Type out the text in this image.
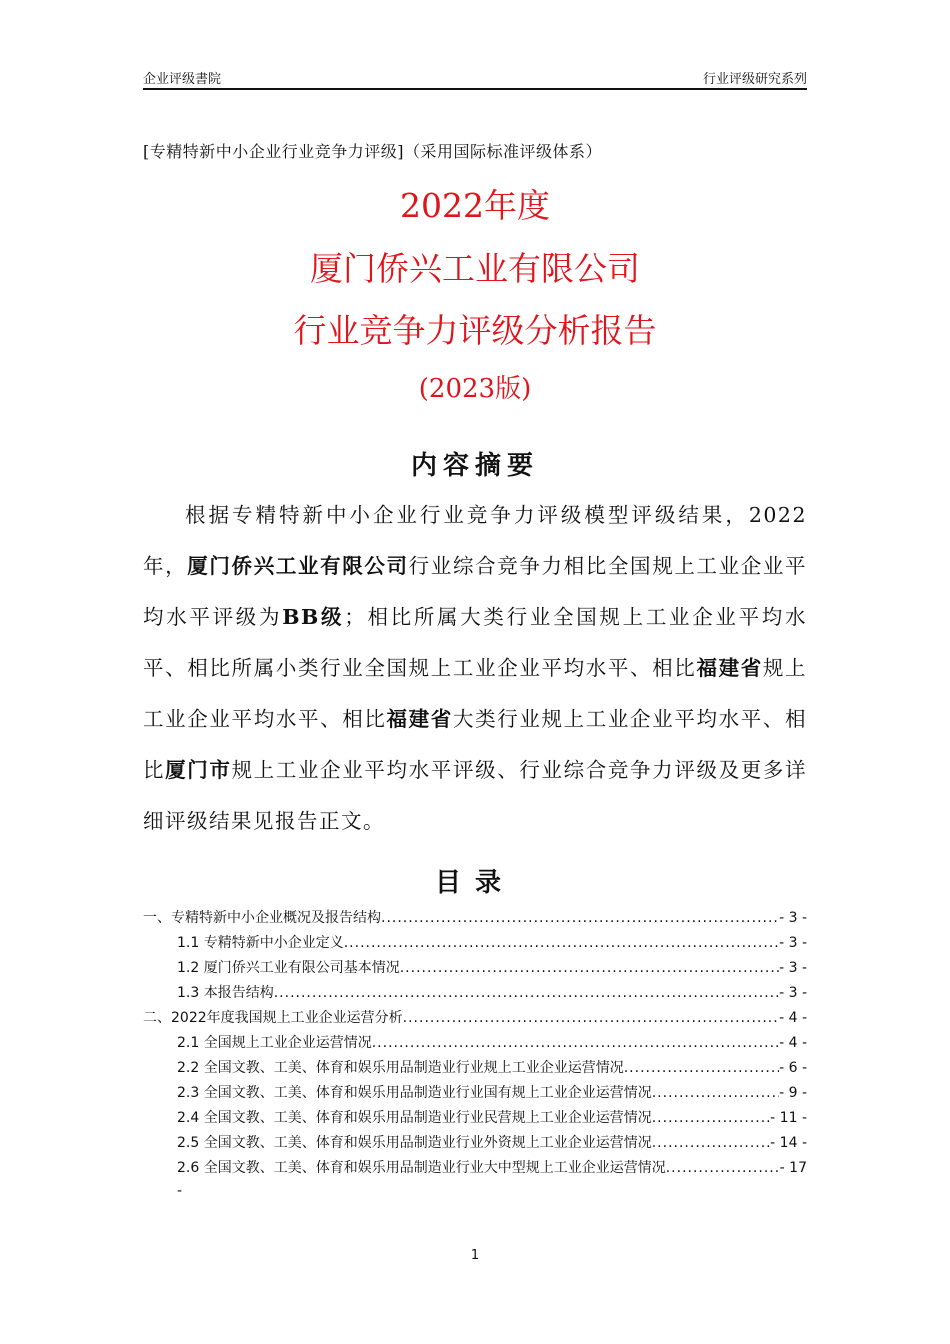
企业评级書院	行业评级研究系列
[专精特新中小企业行业竞争力评级]（采用国际标准评级体系）
2022年度
厦门侨兴工业有限公司
行业竞争力评级分析报告
(2023版)
内容摘要
根据专精特新中小企业行业竞争力评级模型评级结果，2022年，厦门侨兴工业有限公司行业综合竞争力相比全国规上工业企业平均水平评级为BB级；相比所属大类行业全国规上工业企业平均水平、相比所属小类行业全国规上工业企业平均水平、相比福建省规上工业企业平均水平、相比福建省大类行业规上工业企业平均水平、相比厦门市规上工业企业平均水平评级、行业综合竞争力评级及更多详细评级结果见报告正文。
目录
一、专精特新中小企业概况及报告结构 .....	- 3 -
1.1 专精特新中小企业定义 .....	- 3 -
1.2 厦门侨兴工业有限公司基本情况 .....	- 3 -
1.3 本报告结构 .....	- 3 -
二、2022年度我国规上工业企业运营分析 .....	- 4 -
2.1 全国规上工业企业运营情况 .....	- 4 -
2.2 全国文教、工美、体育和娱乐用品制造业行业规上工业企业运营情况 .....	- 6 -
2.3 全国文教、工美、体育和娱乐用品制造业行业国有规上工业企业运营情况 .....	- 9 -
2.4 全国文教、工美、体育和娱乐用品制造业行业民营规上工业企业运营情况 .....	- 11 -
2.5 全国文教、工美、体育和娱乐用品制造业行业外资规上工业企业运营情况 .....	- 14 -
2.6 全国文教、工美、体育和娱乐用品制造业行业大中型规上工业企业运营情况 .....	- 17
-
1
